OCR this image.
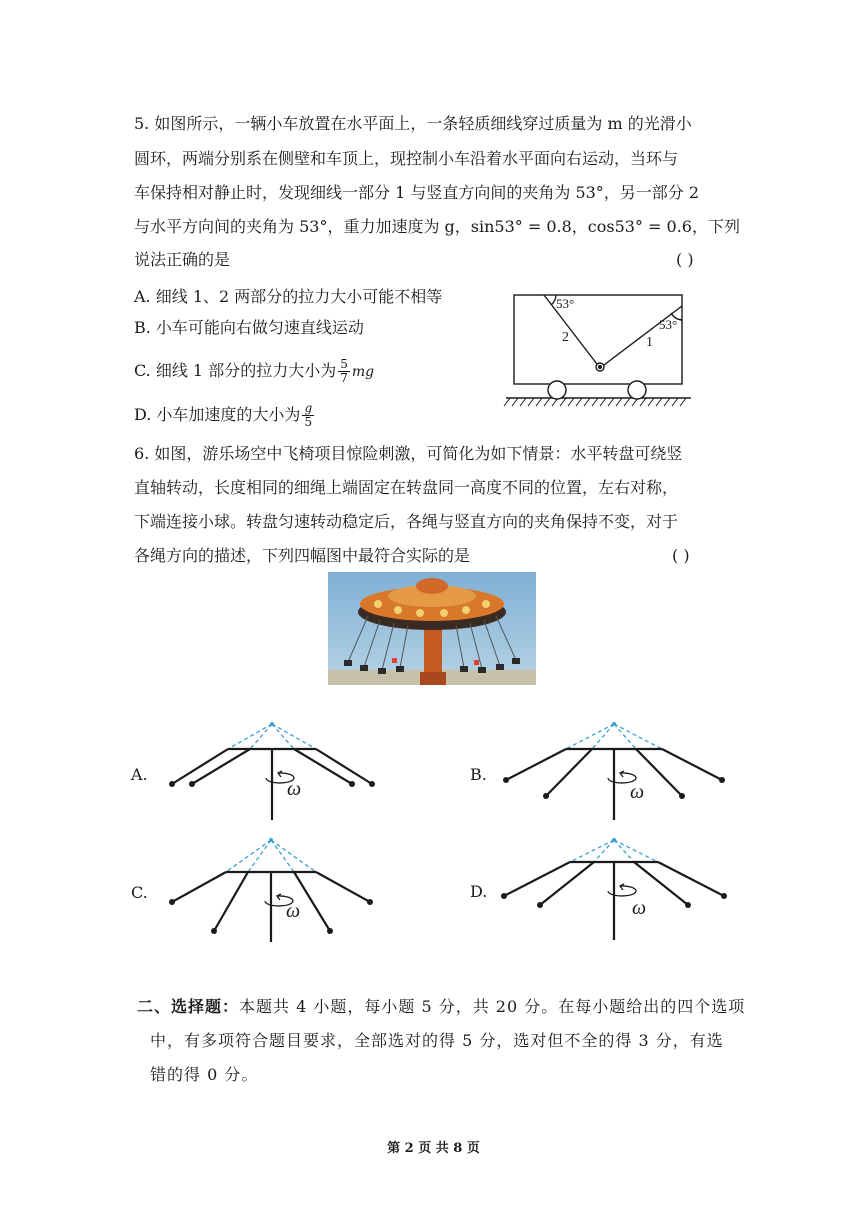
5. 如图所示，一辆小车放置在水平面上，一条轻质细线穿过质量为 m 的光滑小
圆环，两端分别系在侧壁和车顶上，现控制小车沿着水平面向右运动，当环与
车保持相对静止时，发现细线一部分 1 与竖直方向间的夹角为 53°，另一部分 2
与水平方向间的夹角为 53°，重力加速度为 g，sin53° = 0.8，cos53° = 0.6，下列
说法正确的是	( )
A. 细线 1、2 两部分的拉力大小可能不相等
B. 小车可能向右做匀速直线运动
C. 细线 1 部分的拉力大小为 $\frac{5}{7}$ mg
D. 小车加速度的大小为 $\frac{g}{5}$
53°
53°
2	1
6. 如图，游乐场空中飞椅项目惊险刺激，可简化为如下情景：水平转盘可绕竖
直轴转动，长度相同的细绳上端固定在转盘同一高度不同的位置，左右对称，
下端连接小球。转盘匀速转动稳定后，各绳与竖直方向的夹角保持不变，对于
各绳方向的描述，下列四幅图中最符合实际的是	( )
A.
ω
B.
ω
C.
ω
D.
ω
二、选择题：本题共 4 小题，每小题 5 分，共 20 分。在每小题给出的四个选项
中，有多项符合题目要求，全部选对的得 5 分，选对但不全的得 3 分，有选
错的得 0 分。
第 2 页 共 8 页
